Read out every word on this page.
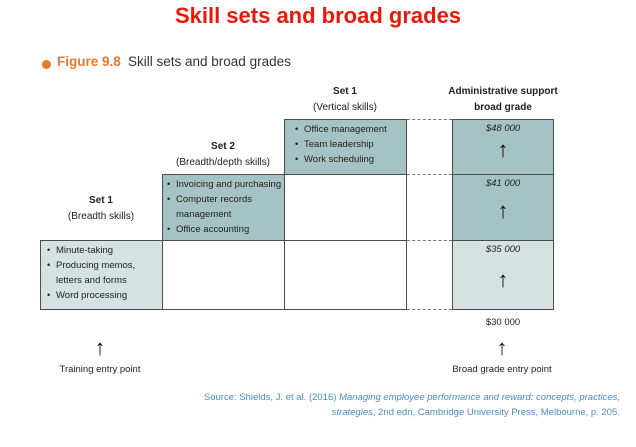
Skill sets and broad grades
Figure 9.8 Skill sets and broad grades
Set 1
(Breadth skills)
Set 2
(Breadth/depth skills)
Set 1
(Vertical skills)
Administrative support
broad grade
• Minute-taking
• Producing memos, letters and forms
• Word processing
• Invoicing and purchasing
• Computer records management
• Office accounting
• Office management
• Team leadership
• Work scheduling
$48 000
↑
$41 000
↑
$35 000
↑
$30 000
↑
Training entry point
↑
Broad grade entry point
Source: Shields, J. et al. (2016) Managing employee performance and reward: concepts, practices, strategies, 2nd edn, Cambridge University Press, Melbourne, p. 205.
